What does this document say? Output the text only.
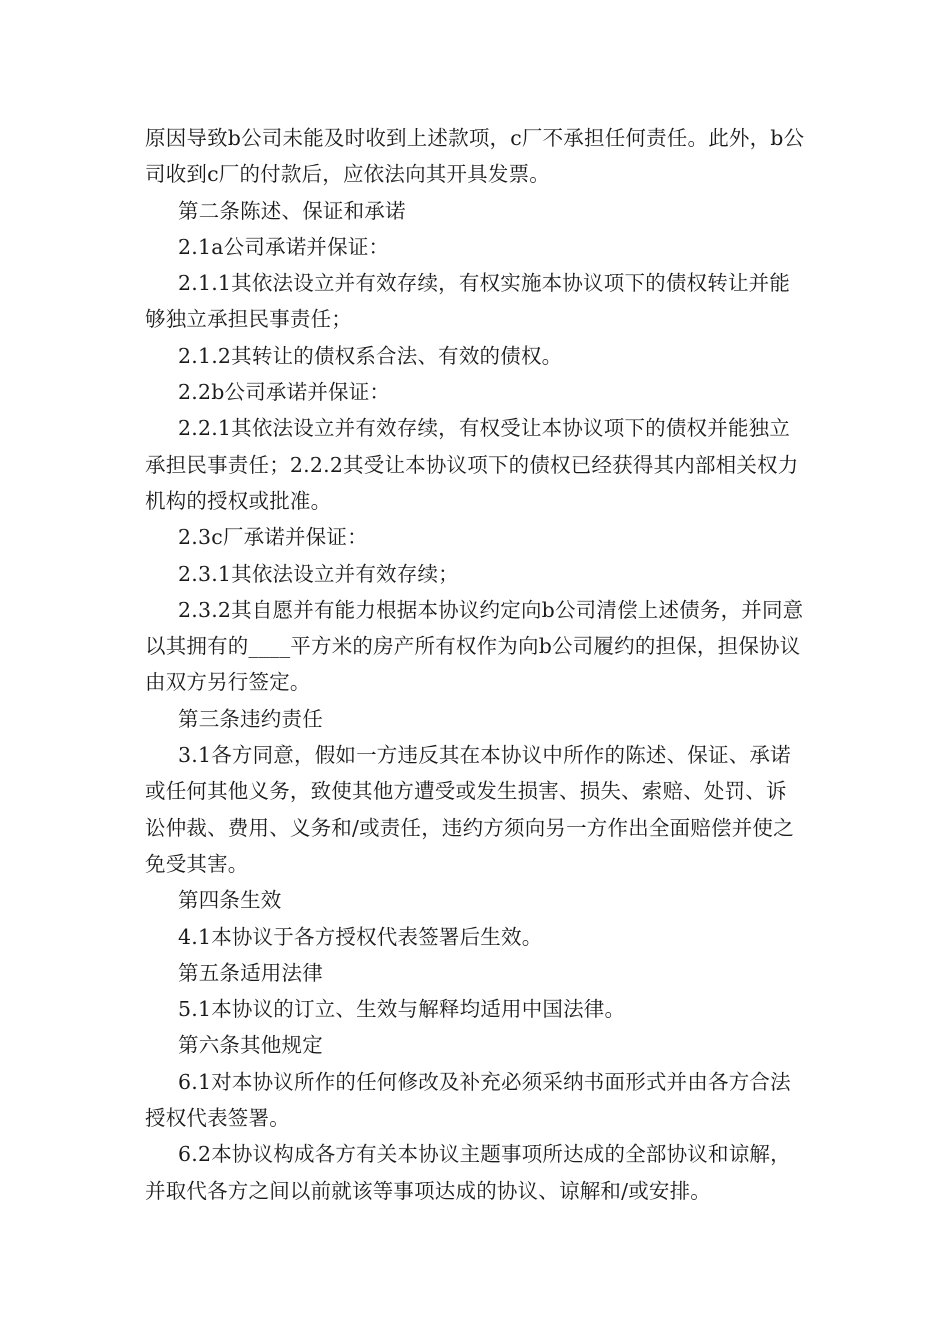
原因导致b公司未能及时收到上述款项，c厂不承担任何责任。此外，b公司收到c厂的付款后，应依法向其开具发票。

第二条陈述、保证和承诺

2.1a公司承诺并保证：

2.1.1其依法设立并有效存续，有权实施本协议项下的债权转让并能够独立承担民事责任；

2.1.2其转让的债权系合法、有效的债权。

2.2b公司承诺并保证：

2.2.1其依法设立并有效存续，有权受让本协议项下的债权并能独立承担民事责任；2.2.2其受让本协议项下的债权已经获得其内部相关权力机构的授权或批准。

2.3c厂承诺并保证：

2.3.1其依法设立并有效存续；

2.3.2其自愿并有能力根据本协议约定向b公司清偿上述债务，并同意以其拥有的____平方米的房产所有权作为向b公司履约的担保，担保协议由双方另行签定。

第三条违约责任

3.1各方同意，假如一方违反其在本协议中所作的陈述、保证、承诺或任何其他义务，致使其他方遭受或发生损害、损失、索赔、处罚、诉讼仲裁、费用、义务和/或责任，违约方须向另一方作出全面赔偿并使之免受其害。

第四条生效

4.1本协议于各方授权代表签署后生效。

第五条适用法律

5.1本协议的订立、生效与解释均适用中国法律。

第六条其他规定

6.1对本协议所作的任何修改及补充必须采纳书面形式并由各方合法授权代表签署。

6.2本协议构成各方有关本协议主题事项所达成的全部协议和谅解，并取代各方之间以前就该等事项达成的协议、谅解和/或安排。
